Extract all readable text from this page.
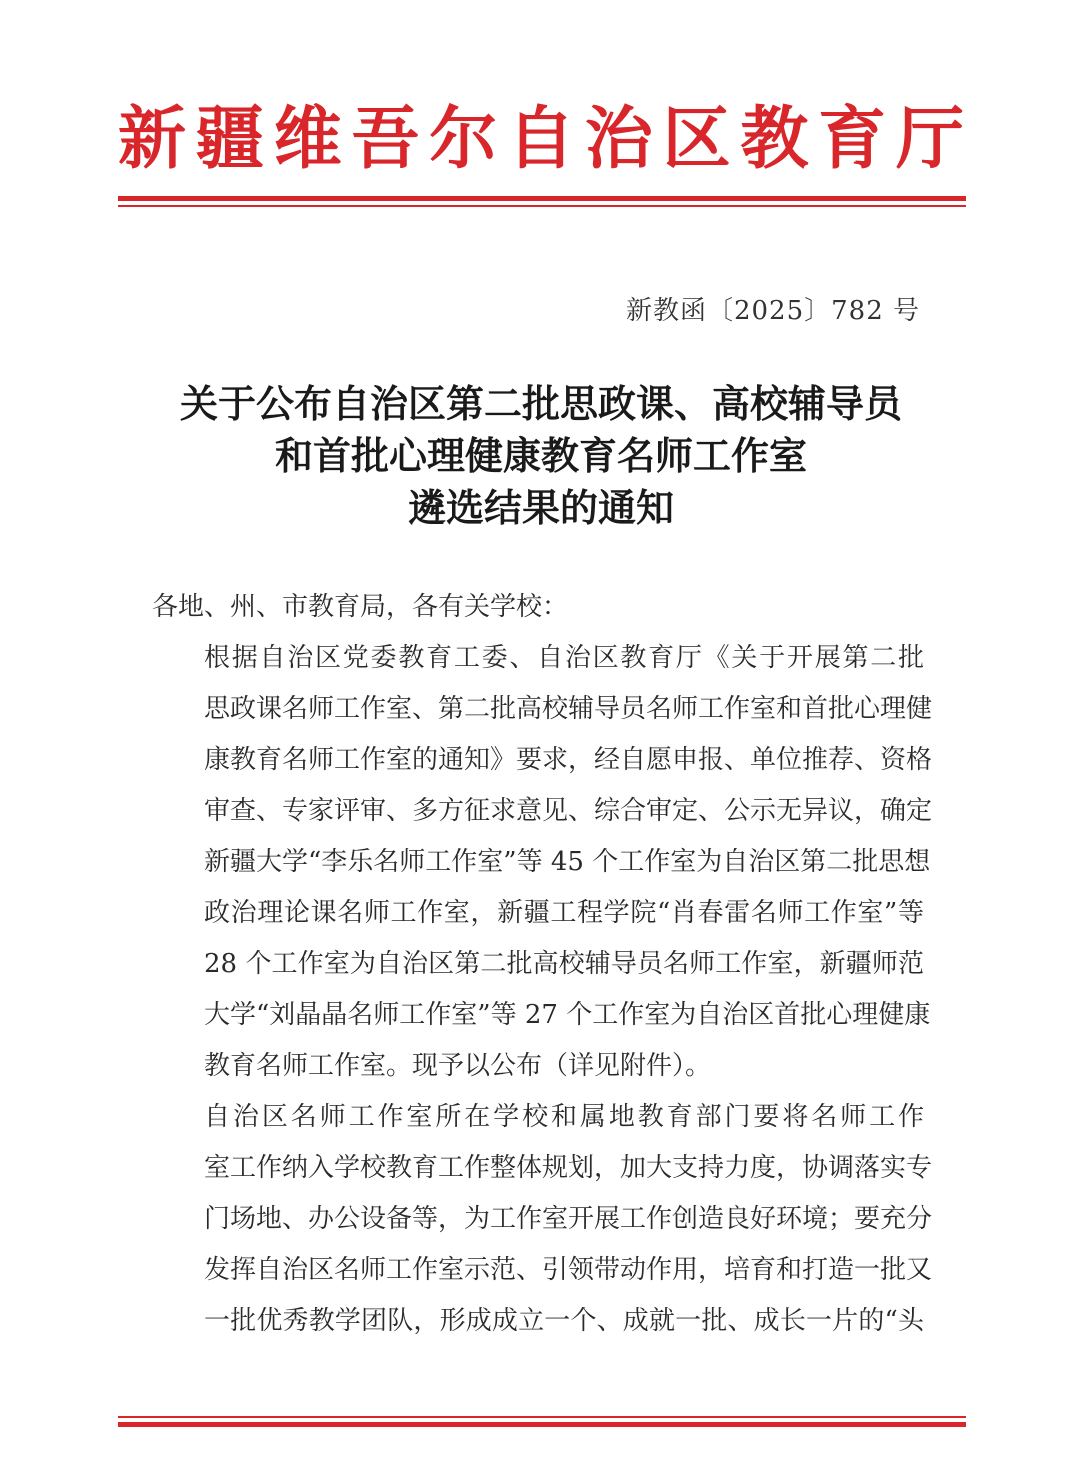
新 疆 维 吾 尔 自 治 区 教 育 厅
新教函〔2025〕782 号
关于公布自治区第二批思政课、高校辅导员
和首批心理健康教育名师工作室
遴选结果的通知

各地、州、市教育局，各有关学校：

根据自治区党委教育工委、自治区教育厅《关于开展第二批
思政课名师工作室、第二批高校辅导员名师工作室和首批心理健
康教育名师工作室的通知》要求，经自愿申报、单位推荐、资格
审查、专家评审、多方征求意见、综合审定、公示无异议，确定
新疆大学“李乐名师工作室”等 45 个工作室为自治区第二批思想
政治理论课名师工作室，新疆工程学院“肖春雷名师工作室”等
28 个工作室为自治区第二批高校辅导员名师工作室，新疆师范
大学“刘晶晶名师工作室”等 27 个工作室为自治区首批心理健康
教育名师工作室。现予以公布（详见附件）。

自治区名师工作室所在学校和属地教育部门要将名师工作
室工作纳入学校教育工作整体规划，加大支持力度，协调落实专
门场地、办公设备等，为工作室开展工作创造良好环境；要充分
发挥自治区名师工作室示范、引领带动作用，培育和打造一批又
一批优秀教学团队，形成成立一个、成就一批、成长一片的“头
